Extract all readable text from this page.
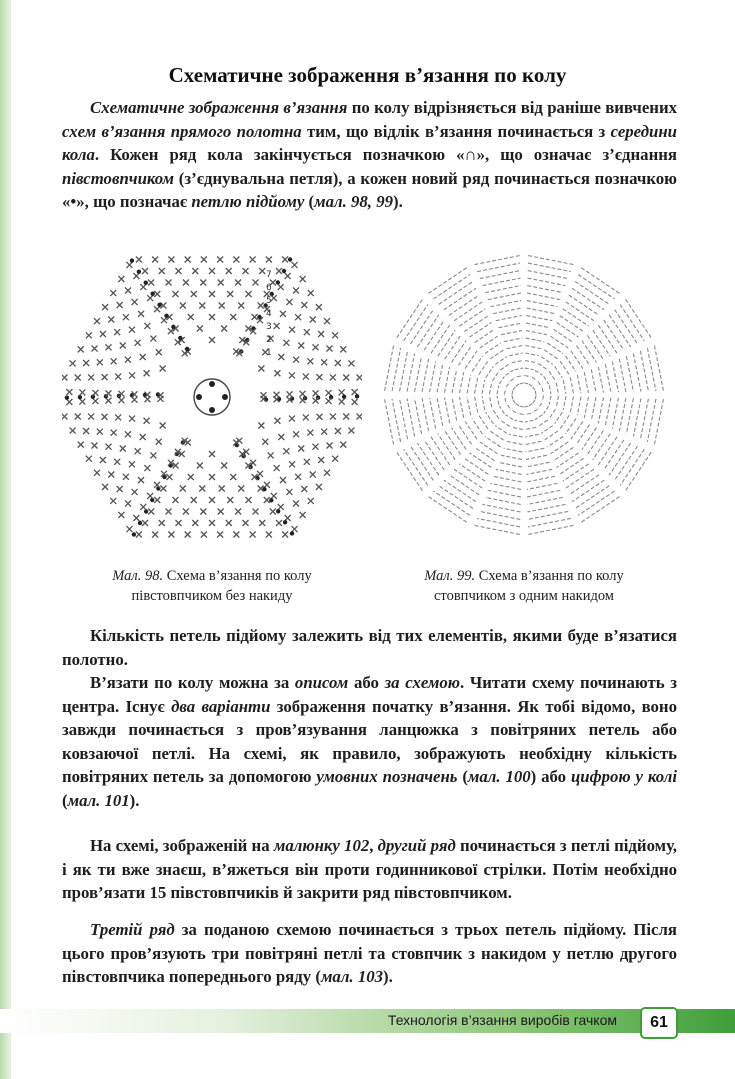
Схематичне зображення в’язання по колу

Схематичне зображення в’язання по колу відрізняється від раніше вивчених схем в’язання прямого полотна тим, що відлік в’язання починається з середини кола. Кожен ряд кола закінчується позначкою «∩», що означає з’єднання півстовпчиком (з’єднувальна петля), а кожен новий ряд починається позначкою «•», що позначає петлю підйому (мал. 98, 99).

1
2
3
4
5
6
7
Мал. 98. Схема в’язання по колу
півстовпчиком без накиду
Мал. 99. Схема в’язання по колу
стовпчиком з одним накидом

Кількість петель підйому залежить від тих елементів, якими буде в’язатися полотно.

В’язати по колу можна за описом або за схемою. Читати схему починають з центра. Існує два варіанти зображення початку в’язання. Як тобі відомо, воно завжди починається з пров’язування ланцюжка з повітряних петель або ковзаючої петлі. На схемі, як правило, зображують необхідну кількість повітряних петель за допомогою умовних позначень (мал. 100) або цифрою у колі (мал. 101).

На схемі, зображеній на малюнку 102, другий ряд починається з петлі підйому, і як ти вже знаєш, в’яжеться він проти годинникової стрілки. Потім необхідно пров’язати 15 півстовпчиків й закрити ряд півстовпчиком.

Третій ряд за поданою схемою починається з трьох петель підйому. Після цього пров’язують три повітряні петлі та стовпчик з накидом у петлю другого півстовпчика попереднього ряду (мал. 103).

Технологія в’язання виробів гачком	61
